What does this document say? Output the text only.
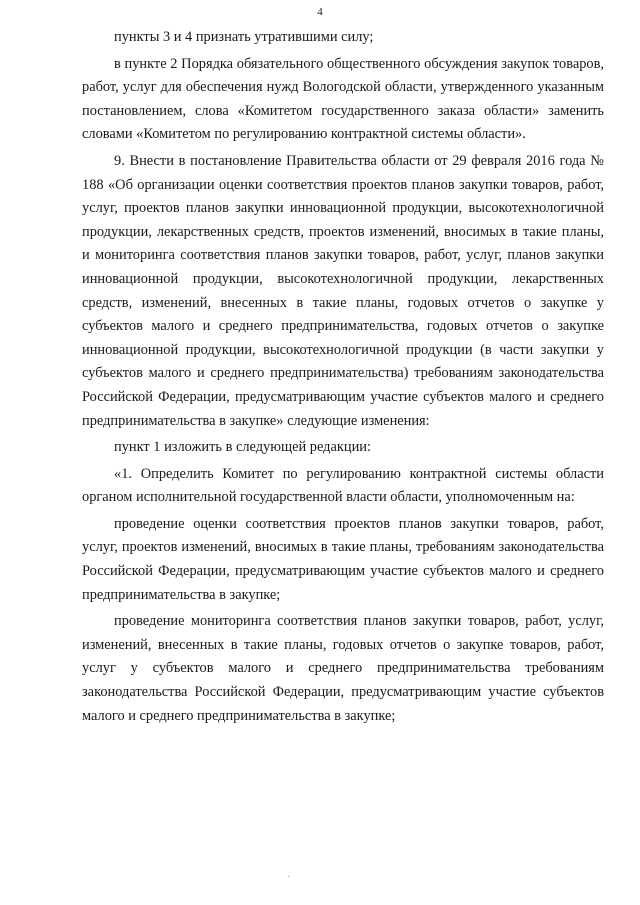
4

пункты 3 и 4 признать утратившими силу;

в пункте 2 Порядка обязательного общественного обсуждения закупок товаров, работ, услуг для обеспечения нужд Вологодской области, утвержденного указанным постановлением, слова «Комитетом государственного заказа области» заменить словами «Комитетом по регулированию контрактной системы области».

9. Внести в постановление Правительства области от 29 февраля 2016 года № 188 «Об организации оценки соответствия проектов планов закупки товаров, работ, услуг, проектов планов закупки инновационной продукции, высокотехнологичной продукции, лекарственных средств, проектов изменений, вносимых в такие планы, и мониторинга соответствия планов закупки товаров, работ, услуг, планов закупки инновационной продукции, высокотехнологичной продукции, лекарственных средств, изменений, внесенных в такие планы, годовых отчетов о закупке у субъектов малого и среднего предпринимательства, годовых отчетов о закупке инновационной продукции, высокотехнологичной продукции (в части закупки у субъектов малого и среднего предпринимательства) требованиям законодательства Российской Федерации, предусматривающим участие субъектов малого и среднего предпринимательства в закупке» следующие изменения:

пункт 1 изложить в следующей редакции:

«1. Определить Комитет по регулированию контрактной системы области органом исполнительной государственной власти области, уполномоченным на:

проведение оценки соответствия проектов планов закупки товаров, работ, услуг, проектов изменений, вносимых в такие планы, требованиям законодательства Российской Федерации, предусматривающим участие субъектов малого и среднего предпринимательства в закупке;

проведение мониторинга соответствия планов закупки товаров, работ, услуг, изменений, внесенных в такие планы, годовых отчетов о закупке товаров, работ, услуг у субъектов малого и среднего предпринимательства требованиям законодательства Российской Федерации, предусматривающим участие субъектов малого и среднего предпринимательства в закупке;

·
